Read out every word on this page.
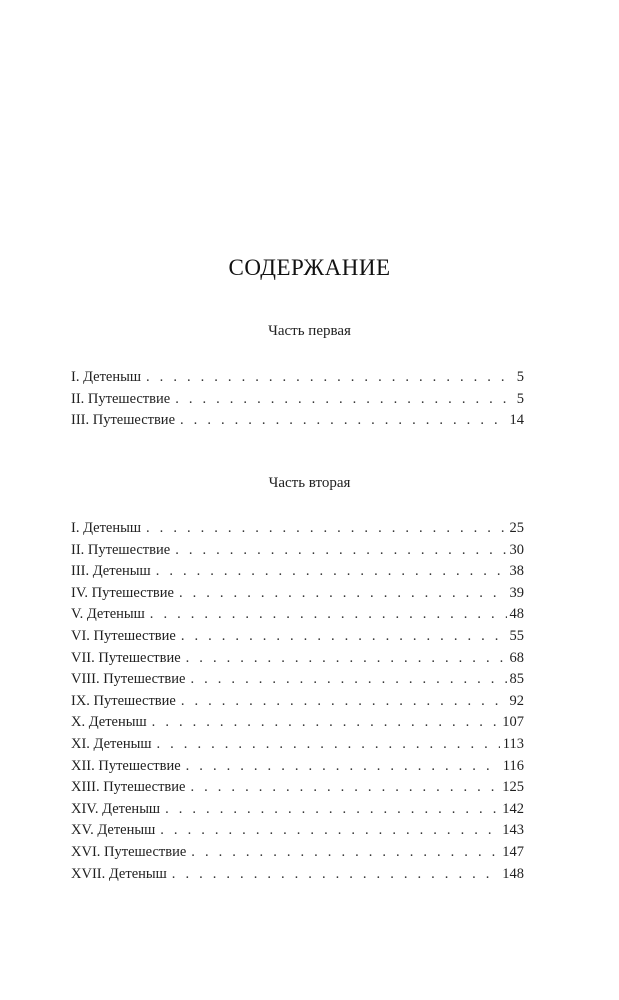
СОДЕРЖАНИЕ
Часть первая
I. Детеныш . . .	5
II. Путешествие . . .	5
III. Путешествие . . .	14
Часть вторая
I. Детеныш . . .	25
II. Путешествие . . .	30
III. Детеныш . . .	38
IV. Путешествие . . .	39
V. Детеныш . . .	48
VI. Путешествие . . .	55
VII. Путешествие . . .	68
VIII. Путешествие . . .	85
IX. Путешествие . . .	92
X. Детеныш . . .	107
XI. Детеныш . . .	113
XII. Путешествие . . .	116
XIII. Путешествие . . .	125
XIV. Детеныш . . .	142
XV. Детеныш . . .	143
XVI. Путешествие . . .	147
XVII. Детеныш . . .	148
